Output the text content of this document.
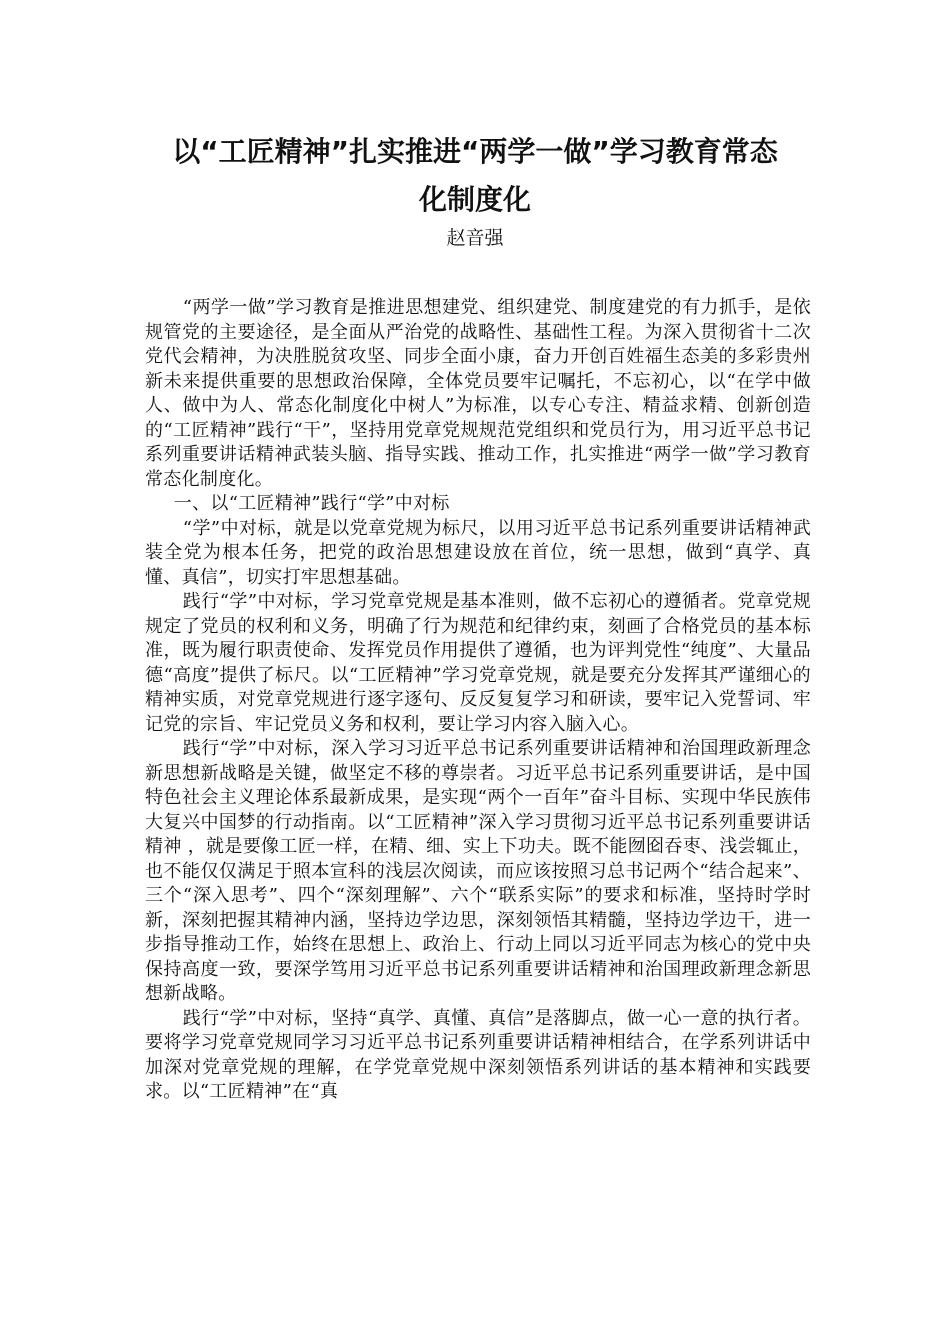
以“工匠精神”扎实推进“两学一做”学习教育常态
化制度化
赵音强

“两学一做”学习教育是推进思想建党、组织建党、制度建党的有力抓手，是依规管党的主要途径，是全面从严治党的战略性、基础性工程。为深入贯彻省十二次党代会精神，为决胜脱贫攻坚、同步全面小康，奋力开创百姓福生态美的多彩贵州新未来提供重要的思想政治保障，全体党员要牢记嘱托，不忘初心，以“在学中做人、做中为人、常态化制度化中树人”为标准，以专心专注、精益求精、创新创造的“工匠精神”践行“干”，坚持用党章党规规范党组织和党员行为，用习近平总书记系列重要讲话精神武装头脑、指导实践、推动工作，扎实推进“两学一做”学习教育常态化制度化。

一、以“工匠精神”践行“学”中对标

“学”中对标，就是以党章党规为标尺，以用习近平总书记系列重要讲话精神武装全党为根本任务，把党的政治思想建设放在首位，统一思想，做到“真学、真懂、真信”，切实打牢思想基础。

践行“学”中对标，学习党章党规是基本准则，做不忘初心的遵循者。党章党规规定了党员的权利和义务，明确了行为规范和纪律约束，刻画了合格党员的基本标准，既为履行职责使命、发挥党员作用提供了遵循，也为评判党性“纯度”、大量品德“高度”提供了标尺。以“工匠精神”学习党章党规，就是要充分发挥其严谨细心的精神实质，对党章党规进行逐字逐句、反反复复学习和研读，要牢记入党誓词、牢记党的宗旨、牢记党员义务和权利，要让学习内容入脑入心。

践行“学”中对标，深入学习习近平总书记系列重要讲话精神和治国理政新理念新思想新战略是关键，做坚定不移的尊崇者。习近平总书记系列重要讲话，是中国特色社会主义理论体系最新成果，是实现“两个一百年”奋斗目标、实现中华民族伟大复兴中国梦的行动指南。以“工匠精神”深入学习贯彻习近平总书记系列重要讲话精神 ，就是要像工匠一样，在精、细、实上下功夫。既不能囫囵吞枣、浅尝辄止，也不能仅仅满足于照本宣科的浅层次阅读，而应该按照习总书记两个“结合起来”、三个“深入思考”、四个“深刻理解”、六个“联系实际”的要求和标准，坚持时学时新，深刻把握其精神内涵，坚持边学边思，深刻领悟其精髓，坚持边学边干，进一步指导推动工作，始终在思想上、政治上、行动上同以习近平同志为核心的党中央保持高度一致，要深学笃用习近平总书记系列重要讲话精神和治国理政新理念新思想新战略。

践行“学”中对标，坚持“真学、真懂、真信”是落脚点，做一心一意的执行者。要将学习党章党规同学习习近平总书记系列重要讲话精神相结合，在学系列讲话中加深对党章党规的理解，在学党章党规中深刻领悟系列讲话的基本精神和实践要求。以“工匠精神”在“真
